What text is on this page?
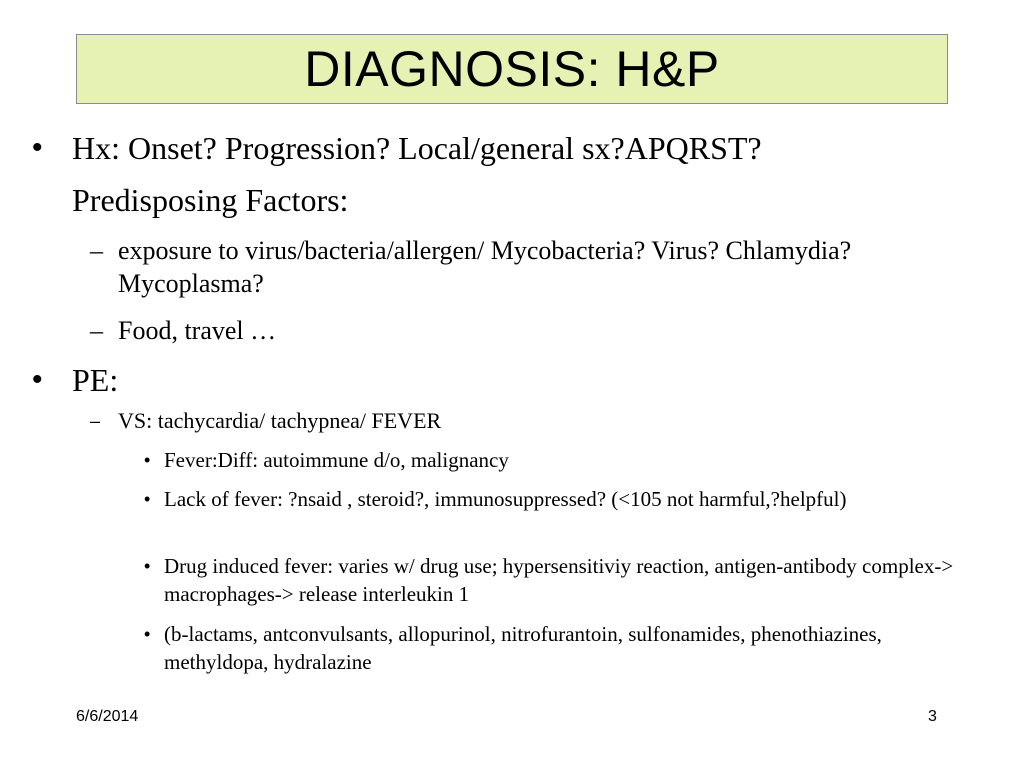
DIAGNOSIS: H&P
• Hx: Onset? Progression? Local/general sx?APQRST?
Predisposing Factors:
– exposure to virus/bacteria/allergen/ Mycobacteria? Virus? Chlamydia? Mycoplasma?
– Food, travel …
• PE:
– VS: tachycardia/ tachypnea/ FEVER
• Fever:Diff: autoimmune d/o, malignancy
• Lack of fever: ?nsaid , steroid?, immunosuppressed? (<105 not harmful,?helpful)
• Drug induced fever: varies w/ drug use; hypersensitiviy reaction, antigen-antibody complex-> macrophages-> release interleukin 1
• (b-lactams, antconvulsants, allopurinol, nitrofurantoin, sulfonamides, phenothiazines, methyldopa, hydralazine
6/6/2014	3
